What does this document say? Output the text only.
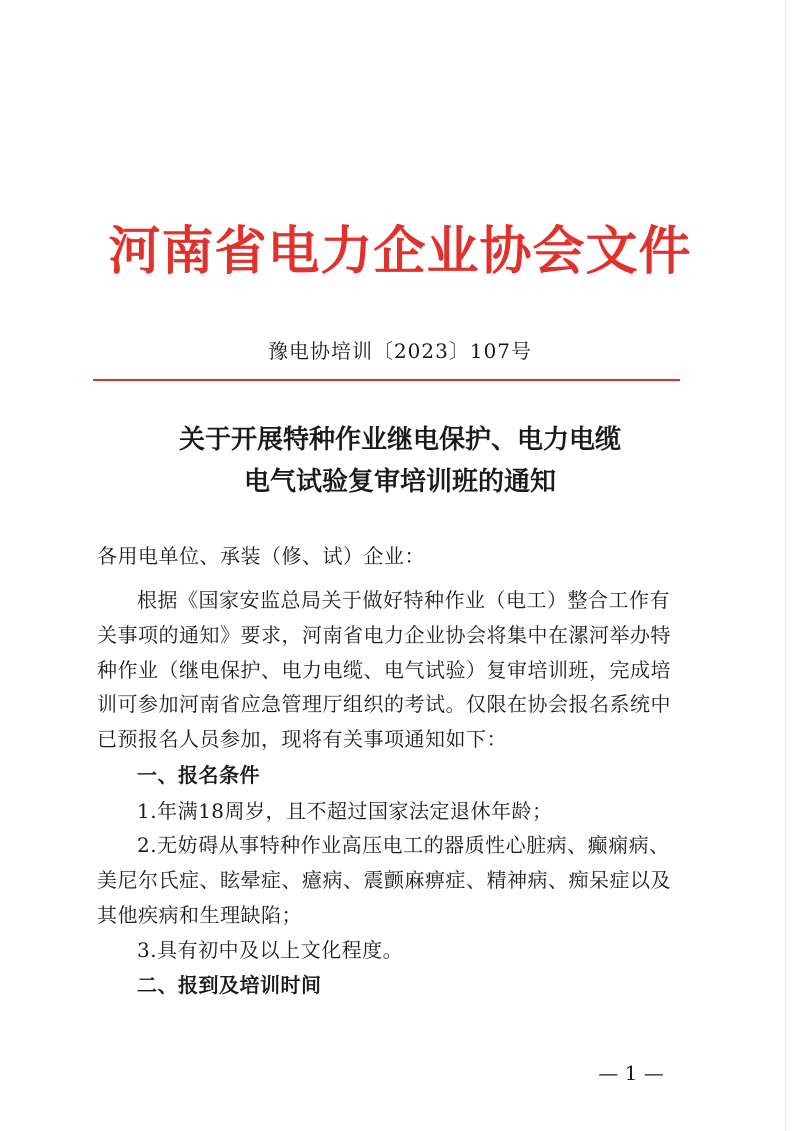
河南省电力企业协会文件
豫电协培训〔2023〕107号
关于开展特种作业继电保护、电力电缆
电气试验复审培训班的通知
各用电单位、承装（修、试）企业：
根据《国家安监总局关于做好特种作业（电工）整合工作有
关事项的通知》要求，河南省电力企业协会将集中在漯河举办特
种作业（继电保护、电力电缆、电气试验）复审培训班，完成培
训可参加河南省应急管理厅组织的考试。仅限在协会报名系统中
已预报名人员参加，现将有关事项通知如下：
一、报名条件
1.年满18周岁，且不超过国家法定退休年龄；
2.无妨碍从事特种作业高压电工的器质性心脏病、癫痫病、
美尼尔氏症、眩晕症、癔病、震颤麻痹症、精神病、痴呆症以及
其他疾病和生理缺陷；
3.具有初中及以上文化程度。
二、报到及培训时间
— 1 —
